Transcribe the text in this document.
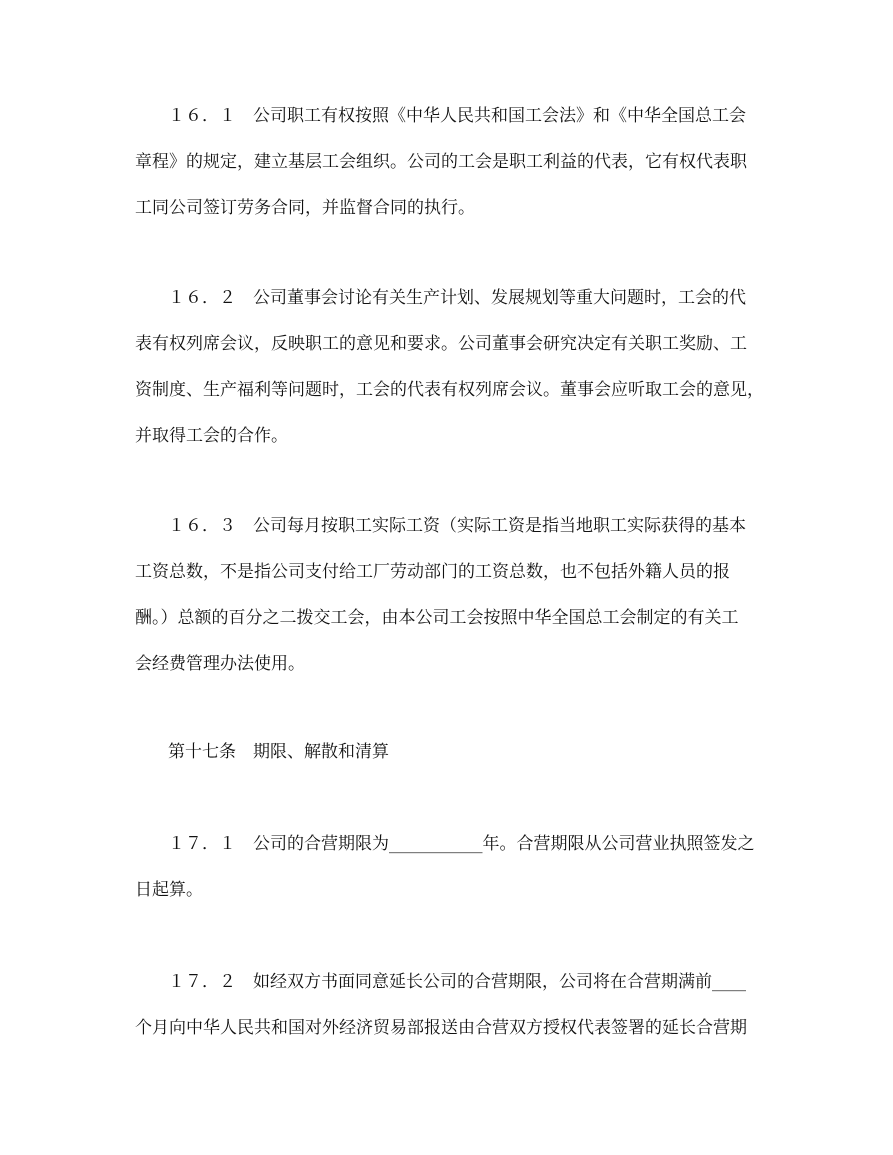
１６．１　公司职工有权按照《中华人民共和国工会法》和《中华全国总工会
章程》的规定，建立基层工会组织。公司的工会是职工利益的代表，它有权代表职
工同公司签订劳务合同，并监督合同的执行。
１６．２　公司董事会讨论有关生产计划、发展规划等重大问题时，工会的代
表有权列席会议，反映职工的意见和要求。公司董事会研究决定有关职工奖励、工
资制度、生产福利等问题时，工会的代表有权列席会议。董事会应听取工会的意见，
并取得工会的合作。
１６．３　公司每月按职工实际工资（实际工资是指当地职工实际获得的基本
工资总数，不是指公司支付给工厂劳动部门的工资总数，也不包括外籍人员的报
酬。）总额的百分之二拨交工会，由本公司工会按照中华全国总工会制定的有关工
会经费管理办法使用。
第十七条　期限、解散和清算
１７．１　公司的合营期限为___________年。合营期限从公司营业执照签发之
日起算。
１７．２　如经双方书面同意延长公司的合营期限，公司将在合营期满前____
个月向中华人民共和国对外经济贸易部报送由合营双方授权代表签署的延长合营期
